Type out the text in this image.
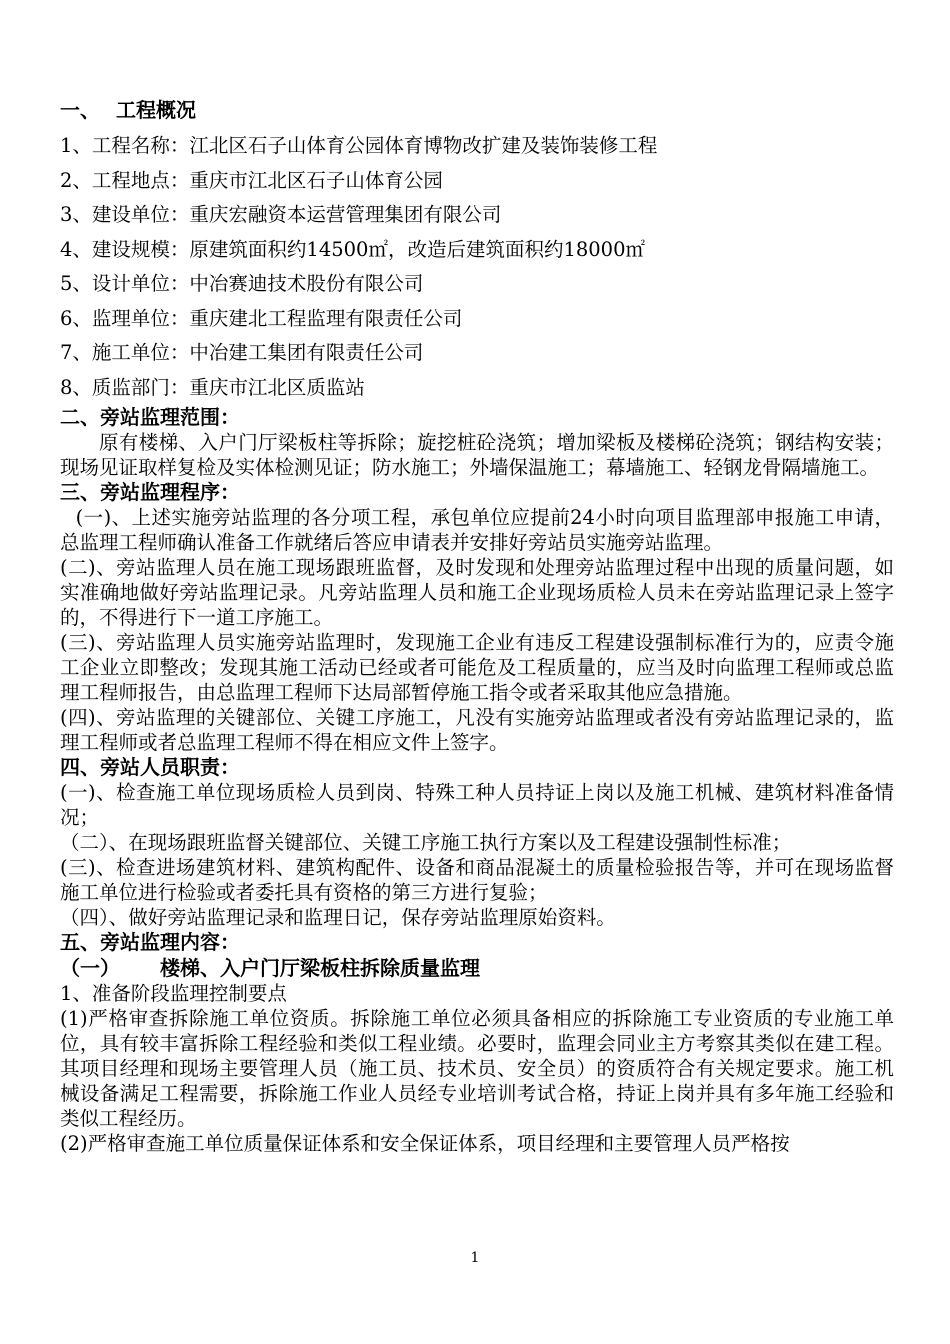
一、 工程概况
1、工程名称：江北区石子山体育公园体育博物改扩建及装饰装修工程
2、工程地点：重庆市江北区石子山体育公园
3、建设单位：重庆宏融资本运营管理集团有限公司
4、建设规模：原建筑面积约14500㎡，改造后建筑面积约18000㎡
5、设计单位：中冶赛迪技术股份有限公司
6、监理单位：重庆建北工程监理有限责任公司
7、施工单位：中冶建工集团有限责任公司
8、质监部门：重庆市江北区质监站
二、旁站监理范围：
原有楼梯、入户门厅梁板柱等拆除；旋挖桩砼浇筑；增加梁板及楼梯砼浇筑；钢结构安装；现场见证取样复检及实体检测见证；防水施工；外墙保温施工；幕墙施工、轻钢龙骨隔墙施工。
三、旁站监理程序：
(一)、上述实施旁站监理的各分项工程，承包单位应提前24小时向项目监理部申报施工申请，总监理工程师确认准备工作就绪后答应申请表并安排好旁站员实施旁站监理。
(二)、旁站监理人员在施工现场跟班监督，及时发现和处理旁站监理过程中出现的质量问题，如实准确地做好旁站监理记录。凡旁站监理人员和施工企业现场质检人员未在旁站监理记录上签字的，不得进行下一道工序施工。
(三)、旁站监理人员实施旁站监理时，发现施工企业有违反工程建设强制标准行为的，应责令施工企业立即整改；发现其施工活动已经或者可能危及工程质量的，应当及时向监理工程师或总监理工程师报告，由总监理工程师下达局部暂停施工指令或者采取其他应急措施。
(四)、旁站监理的关键部位、关键工序施工，凡没有实施旁站监理或者没有旁站监理记录的，监理工程师或者总监理工程师不得在相应文件上签字。
四、旁站人员职责：
(一)、检查施工单位现场质检人员到岗、特殊工种人员持证上岗以及施工机械、建筑材料准备情况；
（二）、在现场跟班监督关键部位、关键工序施工执行方案以及工程建设强制性标准；
(三)、检查进场建筑材料、建筑构配件、设备和商品混凝土的质量检验报告等，并可在现场监督施工单位进行检验或者委托具有资格的第三方进行复验；
（四）、做好旁站监理记录和监理日记，保存旁站监理原始资料。
五、旁站监理内容：
（一） 楼梯、入户门厅梁板柱拆除质量监理
1、准备阶段监理控制要点
(1)严格审查拆除施工单位资质。拆除施工单位必须具备相应的拆除施工专业资质的专业施工单位，具有较丰富拆除工程经验和类似工程业绩。必要时，监理会同业主方考察其类似在建工程。其项目经理和现场主要管理人员（施工员、技术员、安全员）的资质符合有关规定要求。施工机械设备满足工程需要，拆除施工作业人员经专业培训考试合格，持证上岗并具有多年施工经验和类似工程经历。
(2)严格审查施工单位质量保证体系和安全保证体系，项目经理和主要管理人员严格按
1
